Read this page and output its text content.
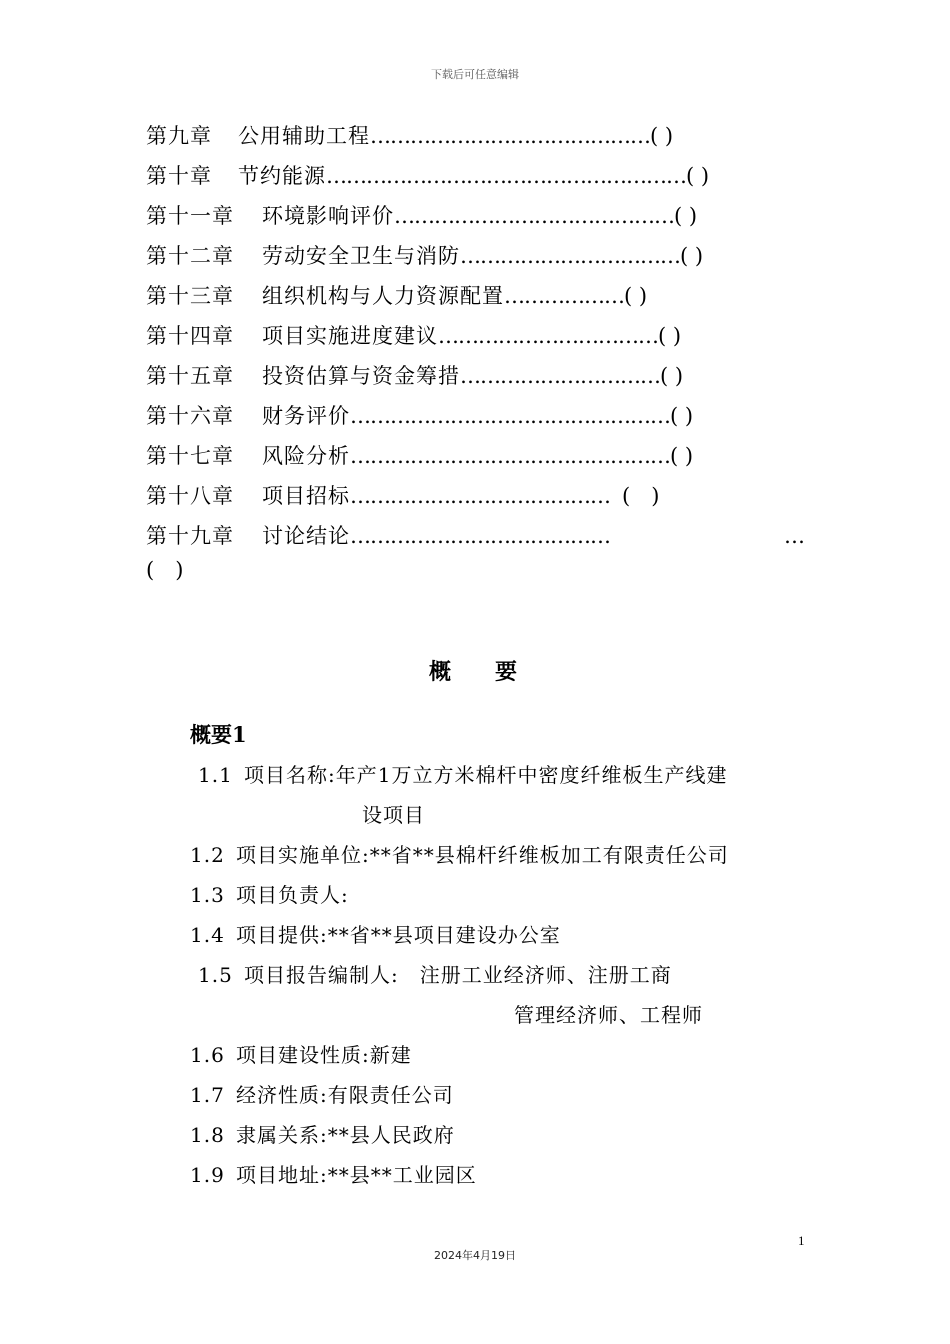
下载后可任意编辑
第九章 公用辅助工程……………………………………( )
第十章 节约能源………………………………………………( )
第十一章 环境影响评价……………………………………( )
第十二章 劳动安全卫生与消防……………………………( )
第十三章 组织机构与人力资源配置………………( )
第十四章 项目实施进度建议……………………………( )
第十五章 投资估算与资金筹措…………………………( )
第十六章 财务评价…………………………………………( )
第十七章 风险分析…………………………………………( )
第十八章 项目招标………………………………… (　)
第十九章 讨论结论…………………………………	…
(　)
概要
概要1
1.1 项目名称:年产1万立方米棉杆中密度纤维板生产线建
设项目
1.2 项目实施单位:**省**县棉杆纤维板加工有限责任公司
1.3 项目负责人:
1.4 项目提供:**省**县项目建设办公室
1.5 项目报告编制人:　注册工业经济师、注册工商
管理经济师、工程师
1.6 项目建设性质:新建
1.7 经济性质:有限责任公司
1.8 隶属关系:**县人民政府
1.9 项目地址:**县**工业园区
1
2024年4月19日
